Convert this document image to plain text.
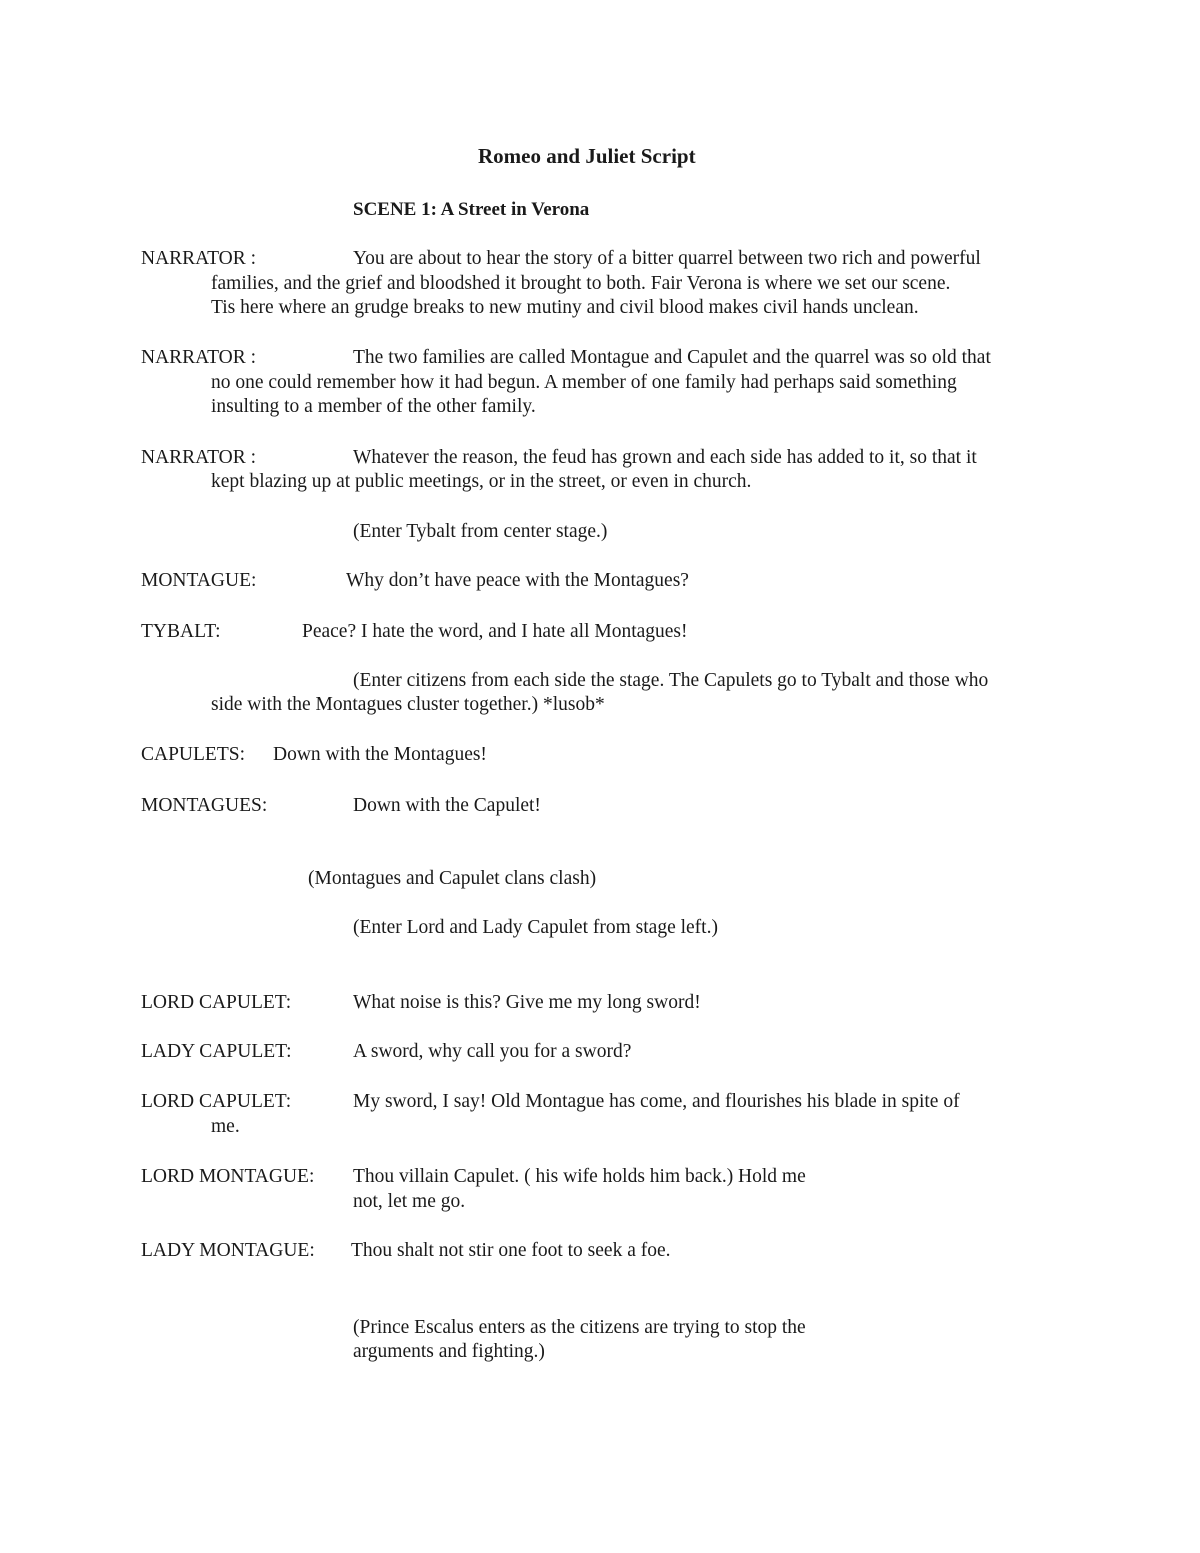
Romeo and Juliet Script
SCENE 1: A Street in Verona
NARRATOR :	You are about to hear the story of a bitter quarrel between two rich and powerful
families, and the grief and bloodshed it brought to both. Fair Verona is where we set our scene.
Tis here where an grudge breaks to new mutiny and civil blood makes civil hands unclean.
NARRATOR :	The two families are called Montague and Capulet and the quarrel was so old that
no one could remember how it had begun. A member of one family had perhaps said something
insulting to a member of the other family.
NARRATOR :	Whatever the reason, the feud has grown and each side has added to it, so that it
kept blazing up at public meetings, or in the street, or even in church.
(Enter Tybalt from center stage.)
MONTAGUE:	Why don’t have peace with the Montagues?
TYBALT:	Peace? I hate the word, and I hate all Montagues!
(Enter citizens from each side the stage. The Capulets go to Tybalt and those who
side with the Montagues cluster together.) *lusob*
CAPULETS: Down with the Montagues!
MONTAGUES:	Down with the Capulet!
(Montagues and Capulet clans clash)
(Enter Lord and Lady Capulet from stage left.)
LORD CAPULET:	What noise is this? Give me my long sword!
LADY CAPULET:	A sword, why call you for a sword?
LORD CAPULET:	My sword, I say! Old Montague has come, and flourishes his blade in spite of
me.
LORD MONTAGUE: Thou villain Capulet. ( his wife holds him back.) Hold me
not, let me go.
LADY MONTAGUE: Thou shalt not stir one foot to seek a foe.
(Prince Escalus enters as the citizens are trying to stop the
arguments and fighting.)
